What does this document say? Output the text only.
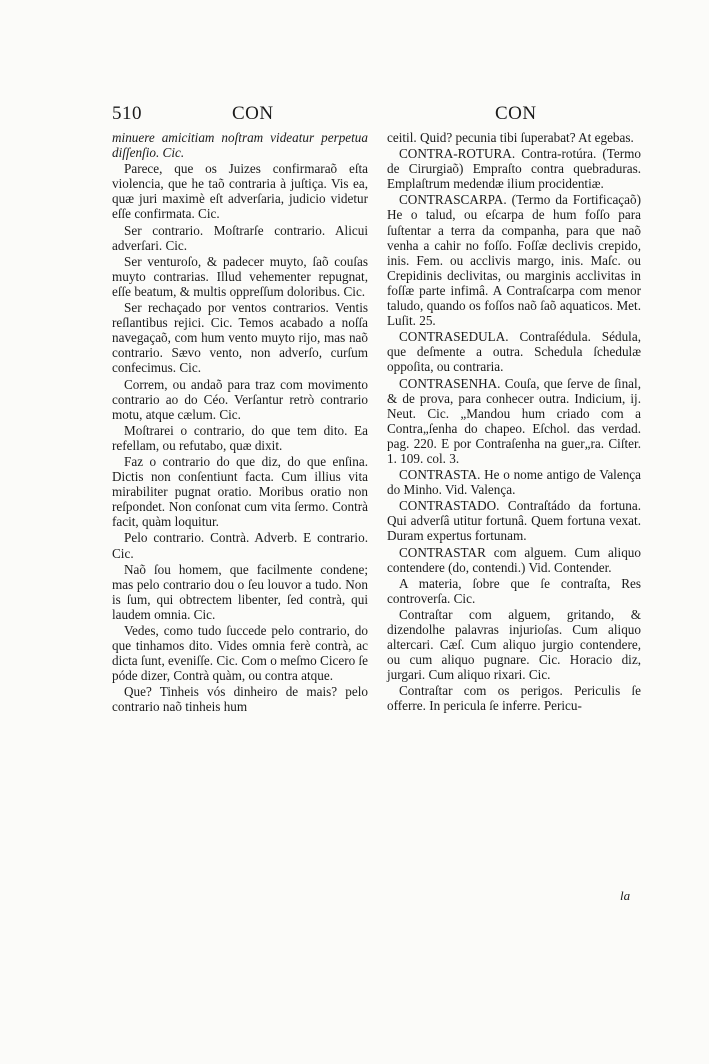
510	CON	CON

minuere amicitiam noſtram videatur perpetua diſſenſio. Cic.

Parece, que os Juizes confirmaraõ eſta violencia, que he taõ contraria à juſtiça. Vis ea, quæ juri maximè eſt adverſaria, judicio videtur eſſe confirmata. Cic.

Ser contrario. Moſtrarſe contrario. Alicui adverſari. Cic.

Ser venturoſo, & padecer muyto, ſaõ couſas muyto contrarias. Illud vehementer repugnat, eſſe beatum, & multis oppreſſum doloribus. Cic.

Ser rechaçado por ventos contrarios. Ventis reſlantibus rejici. Cic. Temos acabado a noſſa navegaçaõ, com hum vento muyto rijo, mas naõ contrario. Sævo vento, non adverſo, curſum confecimus. Cic.

Correm, ou andaõ para traz com movimento contrario ao do Céo. Verſantur retrò contrario motu, atque cælum. Cic.

Moſtrarei o contrario, do que tem dito. Ea refellam, ou refutabo, quæ dixit.

Faz o contrario do que diz, do que enſina. Dictis non conſentiunt facta. Cum illius vita mirabiliter pugnat oratio. Moribus oratio non reſpondet. Non conſonat cum vita ſermo. Contrà facit, quàm loquitur.

Pelo contrario. Contrà. Adverb. E contrario. Cic.

Naõ ſou homem, que facilmente condene; mas pelo contrario dou o ſeu louvor a tudo. Non is ſum, qui obtrectem libenter, ſed contrà, qui laudem omnia. Cic.

Vedes, como tudo ſuccede pelo contrario, do que tinhamos dito. Vides omnia ferè contrà, ac dicta ſunt, eveniſſe. Cic. Com o meſmo Cicero ſe póde dizer, Contrà quàm, ou contra atque.

Que? Tinheis vós dinheiro de mais? pelo contrario naõ tinheis hum

ceitil. Quid? pecunia tibi ſuperabat? At egebas.

CONTRA-ROTURA. Contra-rotúra. (Termo de Cirurgiaõ) Empraſto contra quebraduras. Emplaſtrum medendæ ilium procidentiæ.

CONTRASCARPA. (Termo da Fortificaçaõ) He o talud, ou eſcarpa de hum foſſo para ſuſtentar a terra da companha, para que naõ venha a cahir no foſſo. Foſſæ declivis crepido, inis. Fem. ou acclivis margo, inis. Maſc. ou Crepidinis declivitas, ou marginis acclivitas in foſſæ parte infimâ. A Contraſcarpa com menor taludo, quando os foſſos naõ ſaõ aquaticos. Met. Luſit. 25.

CONTRASEDULA. Contraſédula. Sédula, que deſmente a outra. Schedula ſchedulæ oppoſita, ou contraria.

CONTRASENHA. Couſa, que ſerve de ſinal, & de prova, para conhecer outra. Indicium, ij. Neut. Cic. „Mandou hum criado com a Contra„ſenha do chapeo. Eſchol. das verdad. pag. 220. E por Contraſenha na guer„ra. Ciſter. 1. 109. col. 3.

CONTRASTA. He o nome antigo de Valença do Minho. Vid. Valença.

CONTRASTADO. Contraſtádo da fortuna. Qui adverſâ utitur fortunâ. Quem fortuna vexat. Duram expertus fortunam.

CONTRASTAR com alguem. Cum aliquo contendere (do, contendi.) Vid. Contender.

A materia, ſobre que ſe contraſta, Res controverſa. Cic.

Contraſtar com alguem, gritando, & dizendolhe palavras injurioſas. Cum aliquo altercari. Cæſ. Cum aliquo jurgio contendere, ou cum aliquo pugnare. Cic. Horacio diz, jurgari. Cum aliquo rixari. Cic.

Contraſtar com os perigos. Periculis ſe offerre. In pericula ſe inferre. Pericu-

la
